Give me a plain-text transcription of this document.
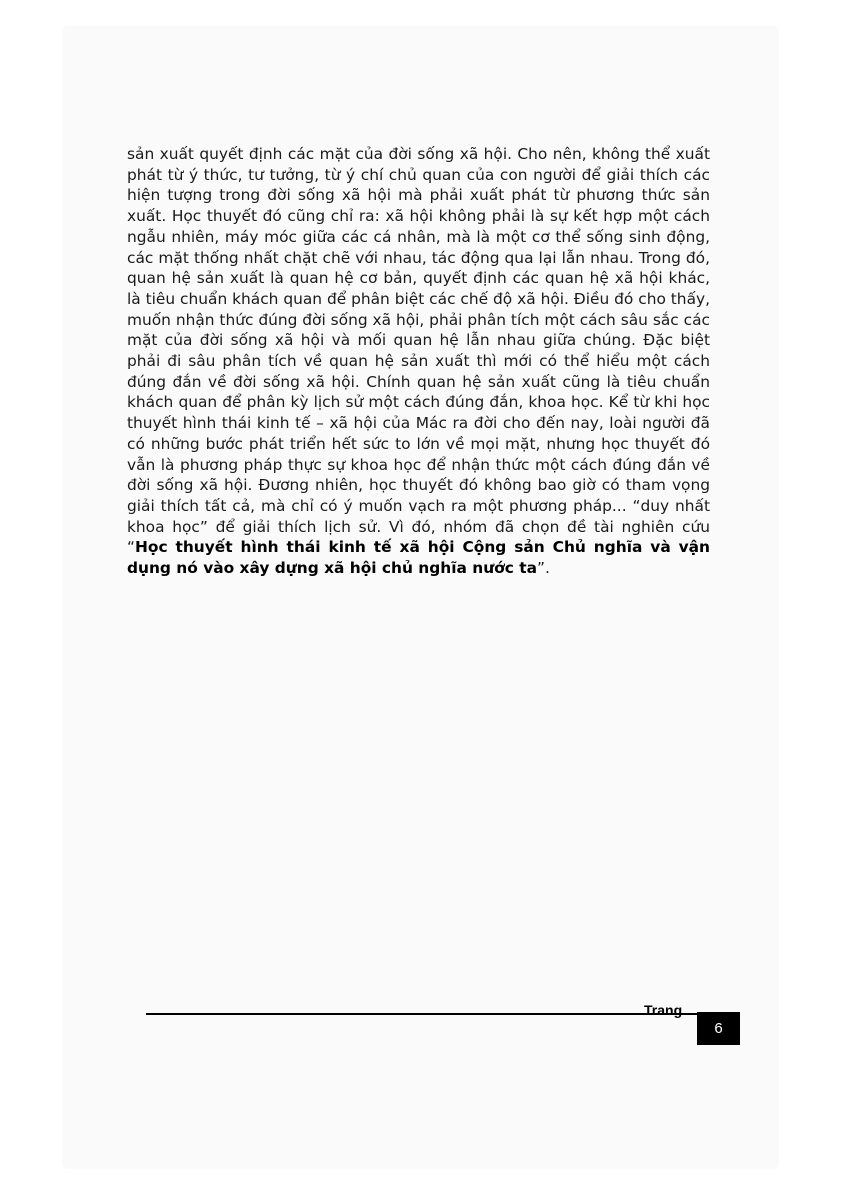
sản xuất quyết định các mặt của đời sống xã hội. Cho nên, không thể xuất phát từ ý thức, tư tưởng, từ ý chí chủ quan của con người để giải thích các hiện tượng trong đời sống xã hội mà phải xuất phát từ phương thức sản xuất. Học thuyết đó cũng chỉ ra: xã hội không phải là sự kết hợp một cách ngẫu nhiên, máy móc giữa các cá nhân, mà là một cơ thể sống sinh động, các mặt thống nhất chặt chẽ với nhau, tác động qua lại lẫn nhau. Trong đó, quan hệ sản xuất là quan hệ cơ bản, quyết định các quan hệ xã hội khác, là tiêu chuẩn khách quan để phân biệt các chế độ xã hội. Điều đó cho thấy, muốn nhận thức đúng đời sống xã hội, phải phân tích một cách sâu sắc các mặt của đời sống xã hội và mối quan hệ lẫn nhau giữa chúng. Đặc biệt phải đi sâu phân tích về quan hệ sản xuất thì mới có thể hiểu một cách đúng đắn về đời sống xã hội. Chính quan hệ sản xuất cũng là tiêu chuẩn khách quan để phân kỳ lịch sử một cách đúng đắn, khoa học. Kể từ khi học thuyết hình thái kinh tế – xã hội của Mác ra đời cho đến nay, loài người đã có những bước phát triển hết sức to lớn về mọi mặt, nhưng học thuyết đó vẫn là phương pháp thực sự khoa học để nhận thức một cách đúng đắn về đời sống xã hội. Đương nhiên, học thuyết đó không bao giờ có tham vọng giải thích tất cả, mà chỉ có ý muốn vạch ra một phương pháp... “duy nhất khoa học” để giải thích lịch sử. Vì đó, nhóm đã chọn đề tài nghiên cứu “Học thuyết hình thái kinh tế xã hội Cộng sản Chủ nghĩa và vận dụng nó vào xây dựng xã hội chủ nghĩa nước ta”.

Trang
6
